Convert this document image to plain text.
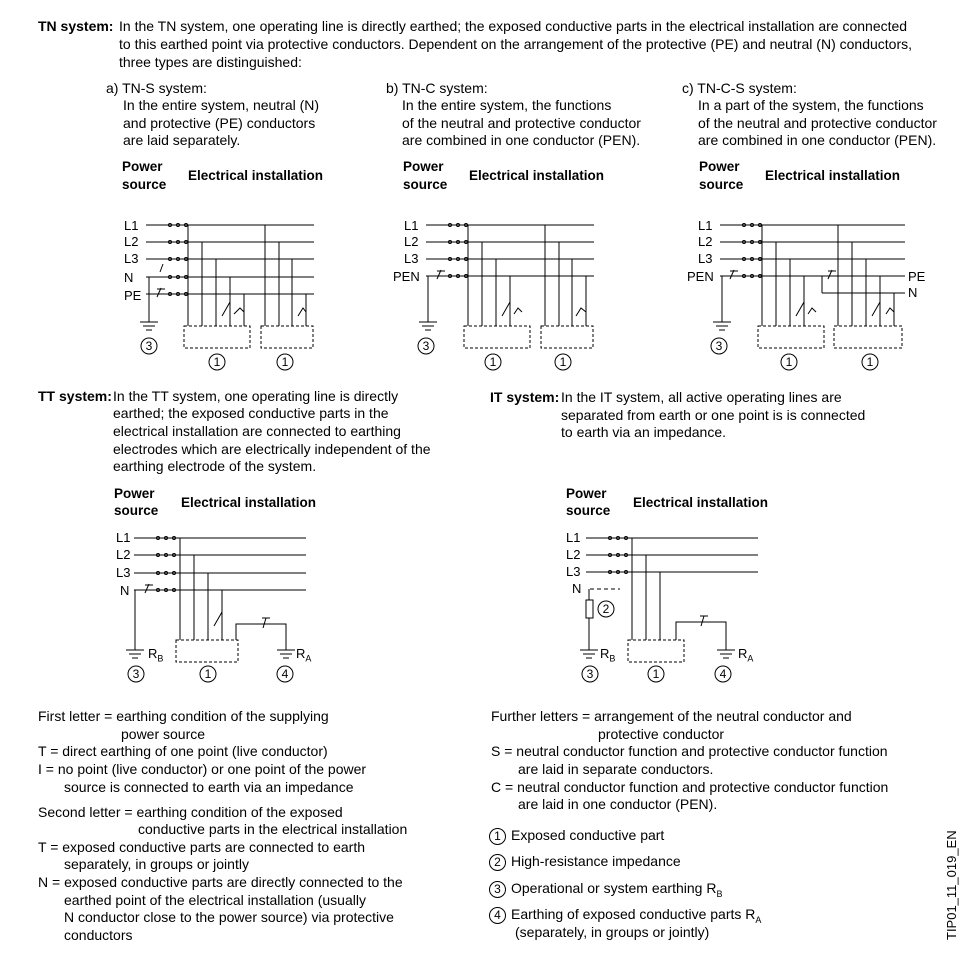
TN system: In the TN system, one operating line is directly earthed; the exposed conductive parts in the electrical installation are connected
to this earthed point via protective conductors. Dependent on the arrangement of the protective (PE) and neutral (N) conductors,
three types are distinguished:
a) TN-S system:
In the entire system, neutral (N)
and protective (PE) conductors
are laid separately.
b) TN-C system:
In the entire system, the functions
of the neutral and protective conductor
are combined in one conductor (PEN).
c) TN-C-S system:
In a part of the system, the functions
of the neutral and protective conductor
are combined in one conductor (PEN).
Power
source
Electrical installation
Power
source
Electrical installation
Power
source
Electrical installation
L1
L2
L3
N
PE
L1
L2
L3
PEN
L1
L2
L3
PEN	PE
N
TT system: In the TT system, one operating line is directly
earthed; the exposed conductive parts in the
electrical installation are connected to earthing
electrodes which are electrically independent of the
earthing electrode of the system.
IT system: In the IT system, all active operating lines are
separated from earth or one point is is connected
to earth via an impedance.
Power
source
Electrical installation
L1
L2
L3
N
$R_B$	$R_A$
Power
source
Electrical installation
L1
L2
L3
N
$R_B$	$R_A$
3
1	1
3
1	1
3
1	1
3	1	4	3	1	4
2
First letter = earthing condition of the supplying
power source
T = direct earthing of one point (live conductor)
I = no point (live conductor) or one point of the power
source is connected to earth via an impedance
Second letter = earthing condition of the exposed
conductive parts in the electrical installation
T = exposed conductive parts are connected to earth
separately, in groups or jointly
N = exposed conductive parts are directly connected to the
earthed point of the electrical installation (usually
N conductor close to the power source) via protective
conductors
Further letters = arrangement of the neutral conductor and
protective conductor
S = neutral conductor function and protective conductor function
are laid in separate conductors.
C = neutral conductor function and protective conductor function
are laid in one conductor (PEN).
1 Exposed conductive part
2 High-resistance impedance
3 Operational or system earthing $R_B$
4 Earthing of exposed conductive parts $R_A$
(separately, in groups or jointly)	TIP01_11_019_EN
